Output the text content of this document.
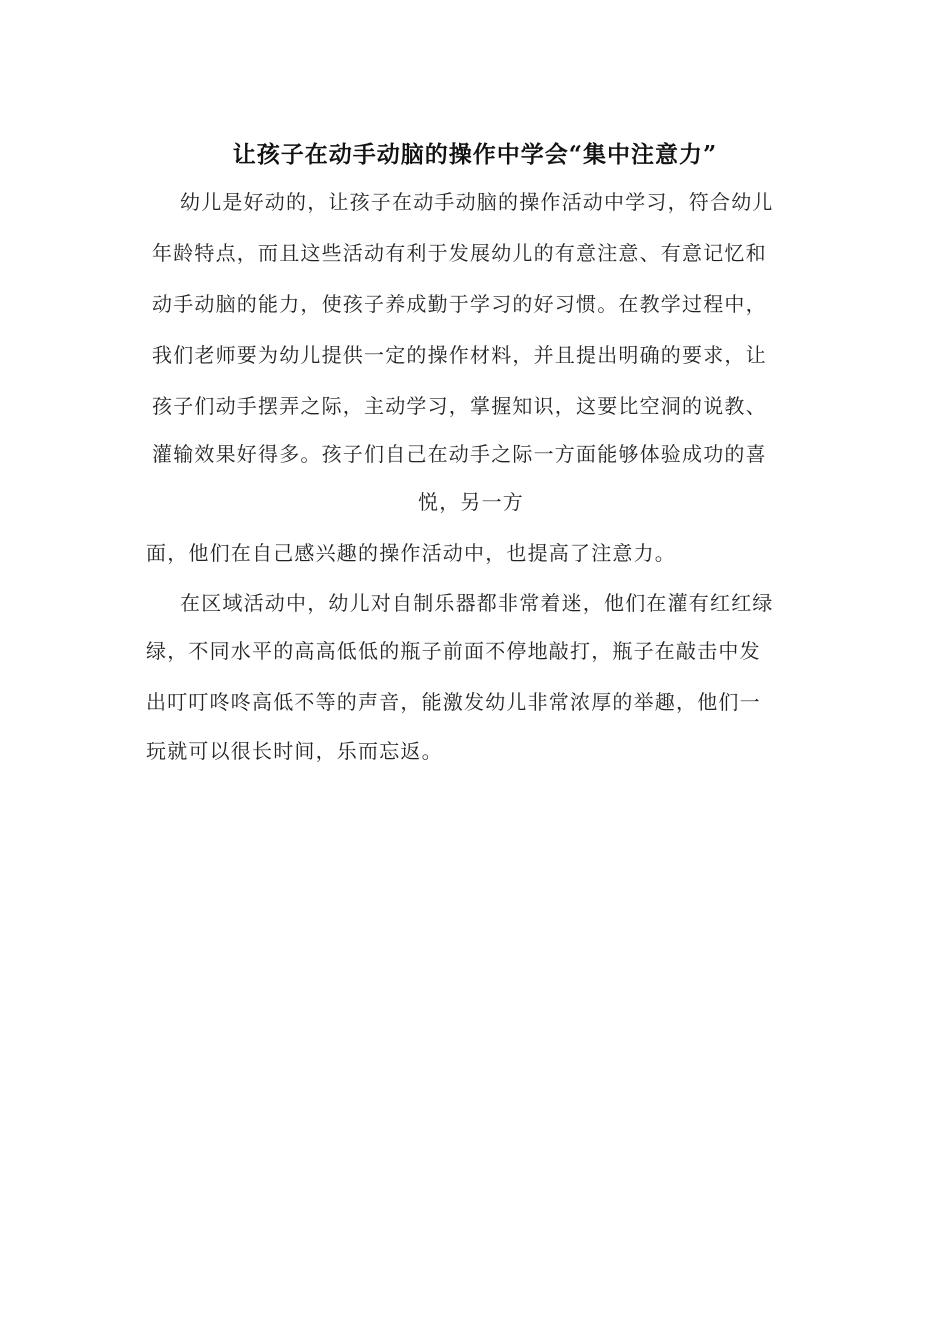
让孩子在动手动脑的操作中学会“集中注意力”
幼儿是好动的，让孩子在动手动脑的操作活动中学习，符合幼儿
年龄特点，而且这些活动有利于发展幼儿的有意注意、有意记忆和
动手动脑的能力，使孩子养成勤于学习的好习惯。在教学过程中，
我们老师要为幼儿提供一定的操作材料，并且提出明确的要求，让
孩子们动手摆弄之际，主动学习，掌握知识，这要比空洞的说教、
灌输效果好得多。孩子们自己在动手之际一方面能够体验成功的喜
悦，另一方
面，他们在自己感兴趣的操作活动中，也提高了注意力。
在区域活动中，幼儿对自制乐器都非常着迷，他们在灌有红红绿
绿，不同水平的高高低低的瓶子前面不停地敲打，瓶子在敲击中发
出叮叮咚咚高低不等的声音，能激发幼儿非常浓厚的举趣，他们一
玩就可以很长时间，乐而忘返。
